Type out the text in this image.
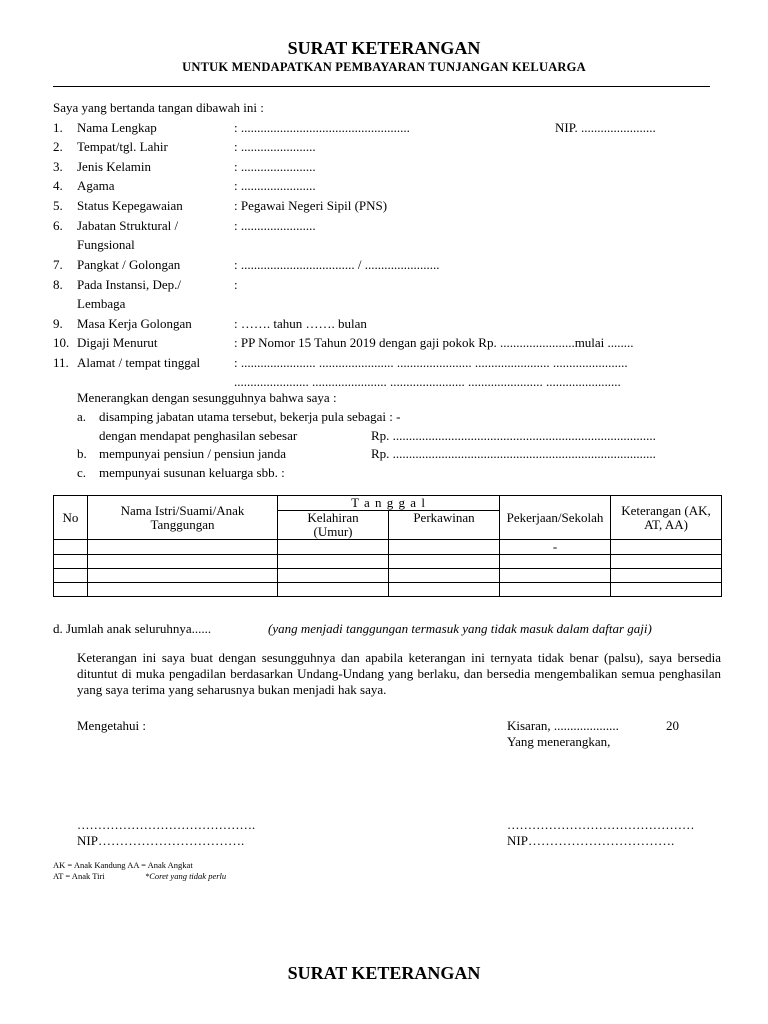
SURAT KETERANGAN
UNTUK MENDAPATKAN PEMBAYARAN TUNJANGAN KELUARGA
Saya yang bertanda tangan dibawah ini :
1. Nama Lengkap	: ....................................................	NIP. .......................
2. Tempat/tgl. Lahir	: .......................
3. Jenis Kelamin	: .......................
4. Agama	: .......................
5. Status Kepegawaian	: Pegawai Negeri Sipil (PNS)
6. Jabatan Struktural /
Fungsional
: .......................
7. Pangkat / Golongan	: ................................... / .......................
8. Pada Instansi, Dep./
Lembaga
:
9. Masa Kerja Golongan	: ……. tahun ……. bulan
10. Digaji Menurut	: PP Nomor 15 Tahun 2019 dengan gaji pokok Rp. .......................mulai ........
11. Alamat / tempat tinggal	: ....................... ....................... ....................... ....................... .......................
....................... ....................... ....................... ....................... .......................
Menerangkan dengan sesungguhnya bahwa saya :
a. disamping jabatan utama tersebut, bekerja pula sebagai : -
dengan mendapat penghasilan sebesar	Rp. .................................................................................
b. mempunyai pensiun / pensiun janda	Rp. .................................................................................
c. mempunyai susunan keluarga sbb. :
No	Nama Istri/Suami/Anak Tanggungan	T a n g g a l		Pekerjaan/Sekolah	Keterangan (AK, AT, AA)
		Kelahiran (Umur)	Perkawinan		
				-	

d. Jumlah anak seluruhnya......	(yang menjadi tanggungan termasuk yang tidak masuk dalam daftar gaji)
Keterangan ini saya buat dengan sesungguhnya dan apabila keterangan ini ternyata tidak benar (palsu), saya bersedia dituntut di muka pengadilan berdasarkan Undang-Undang yang berlaku, dan bersedia mengembalikan semua penghasilan yang saya terima yang seharusnya bukan menjadi hak saya.
Mengetahui :	Kisaran, ....................	20
Yang menerangkan,
…………………………………….
NIP…………………………….
………………………………………
NIP…………………………….
AK = Anak Kandung AA = Anak Angkat
AT = Anak Tiri	*Coret yang tidak perlu
SURAT KETERANGAN
